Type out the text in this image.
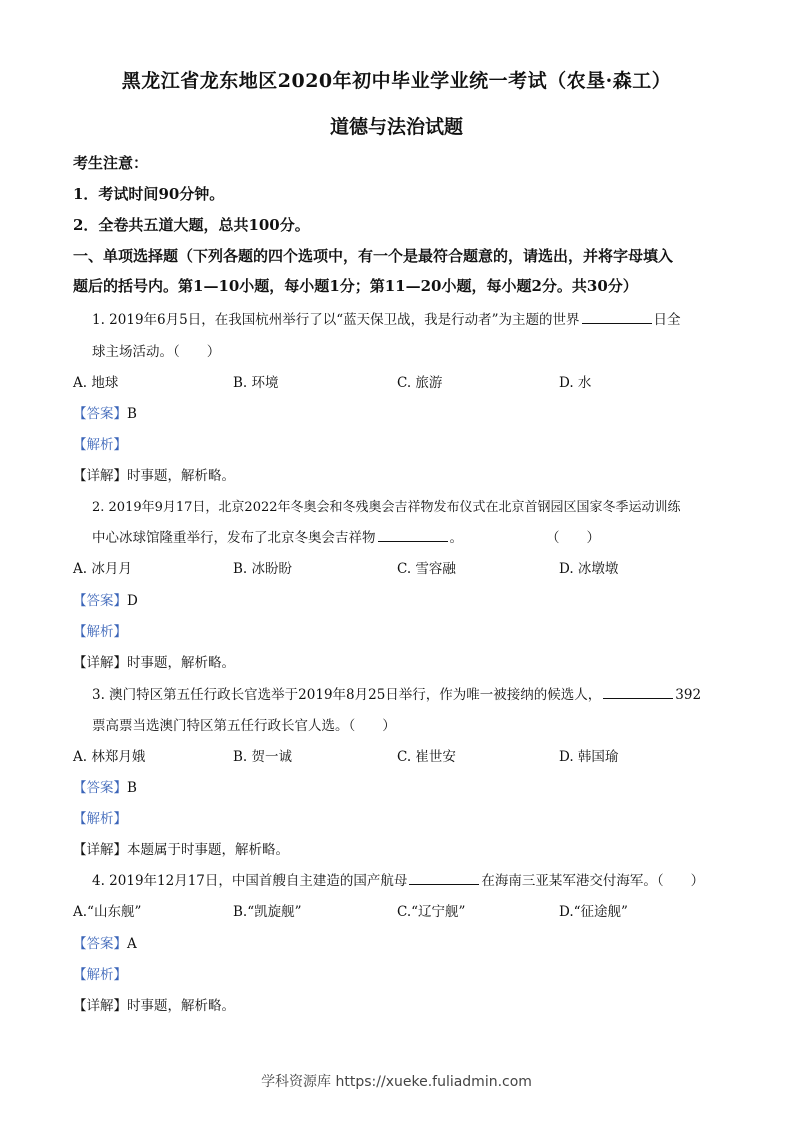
黑龙江省龙东地区2020年初中毕业学业统一考试（农垦·森工）
道德与法治试题
考生注意：
1．考试时间90分钟。
2．全卷共五道大题，总共100分。
一、单项选择题（下列各题的四个选项中，有一个是最符合题意的，请选出，并将字母填入
题后的括号内。第1—10小题，每小题1分；第11—20小题，每小题2分。共30分）
1. 2019年6月5日，在我国杭州举行了以“蓝天保卫战，我是行动者”为主题的世界	日全
球主场活动。（　　）
A. 地球	B. 环境	C. 旅游	D. 水
【答案】B
【解析】
【详解】时事题，解析略。
2. 2019年9月17日，北京2022年冬奥会和冬残奥会吉祥物发布仪式在北京首钢园区国家冬季运动训练
中心冰球馆隆重举行，发布了北京冬奥会吉祥物	。	（　　）
A. 冰月月	B. 冰盼盼	C. 雪容融	D. 冰墩墩
【答案】D
【解析】
【详解】时事题，解析略。
3. 澳门特区第五任行政长官选举于2019年8月25日举行，作为唯一被接纳的候选人，	392
票高票当选澳门特区第五任行政长官人选。（　　）
A. 林郑月娥	B. 贺一诚	C. 崔世安	D. 韩国瑜
【答案】B
【解析】
【详解】本题属于时事题，解析略。
4. 2019年12月17日，中国首艘自主建造的国产航母	在海南三亚某军港交付海军。（　　）
A.“山东舰”	B.“凯旋舰”	C.“辽宁舰”	D.“征途舰”
【答案】A
【解析】
【详解】时事题，解析略。
学科资源库 https://xueke.fuliadmin.com
